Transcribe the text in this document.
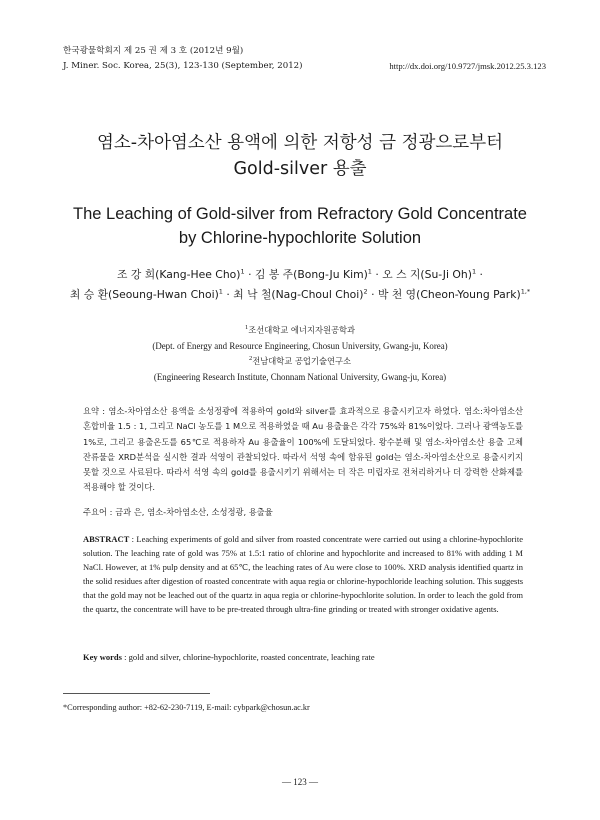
한국광물학회지 제 25 권 제 3 호 (2012년 9월)
J. Miner. Soc. Korea, 25(3), 123-130 (September, 2012)	http://dx.doi.org/10.9727/jmsk.2012.25.3.123
염소-차아염소산 용액에 의한 저항성 금 정광으로부터
Gold-silver 용출
The Leaching of Gold-silver from Refractory Gold Concentrate
by Chlorine-hypochlorite Solution
조 강 희(Kang-Hee Cho)$^1$ · 김 봉 주(Bong-Ju Kim)$^1$ · 오 스 지(Su-Ji Oh)$^1$ ·
최 승 환(Seoung-Hwan Choi)$^1$ · 최 낙 철(Nag-Choul Choi)$^2$ · 박 천 영(Cheon-Young Park)$^{1,*}$
$^1$조선대학교 에너지자원공학과
(Dept. of Energy and Resource Engineering, Chosun University, Gwang-ju, Korea)
$^2$전남대학교 공업기술연구소
(Engineering Research Institute, Chonnam National University, Gwang-ju, Korea)
요약 : 염소-차아염소산 용액을 소성정광에 적용하여 gold와 silver를 효과적으로 용출시키고자 하였다. 염소:차아염소산 혼합비율 1.5 : 1, 그리고 NaCl 농도를 1 M으로 적용하였을 때 Au 용출율은 각각 75%와 81%이었다. 그러나 광액농도를 1%로, 그리고 용출온도를 65℃로 적용하자 Au 용출율이 100%에 도달되었다. 왕수분해 및 염소-차아염소산 용출 고체 잔류물을 XRD분석을 실시한 결과 석영이 관찰되었다. 따라서 석영 속에 함유된 gold는 염소-차아염소산으로 용출시키지 못할 것으로 사료된다. 따라서 석영 속의 gold를 용출시키기 위해서는 더 작은 미립자로 전처리하거나 더 강력한 산화제를 적용해야 할 것이다.
주요어 : 금과 은, 염소-차아염소산, 소성정광, 용출율
ABSTRACT : Leaching experiments of gold and silver from roasted concentrate were carried out using a chlorine-hypochlorite solution. The leaching rate of gold was 75% at 1.5:1 ratio of chlorine and hypochlorite and increased to 81% with adding 1 M NaCl. However, at 1% pulp density and at 65℃, the leaching rates of Au were close to 100%. XRD analysis identified quartz in the solid residues after digestion of roasted concentrate with aqua regia or chlorine-hypochloride leaching solution. This suggests that the gold may not be leached out of the quartz in aqua regia or chlorine-hypochlorite solution. In order to leach the gold from the quartz, the concentrate will have to be pre-treated through ultra-fine grinding or treated with stronger oxidative agents.
Key words : gold and silver, chlorine-hypochlorite, roasted concentrate, leaching rate
*Corresponding author: +82-62-230-7119, E-mail: cybpark@chosun.ac.kr
― 123 ―
